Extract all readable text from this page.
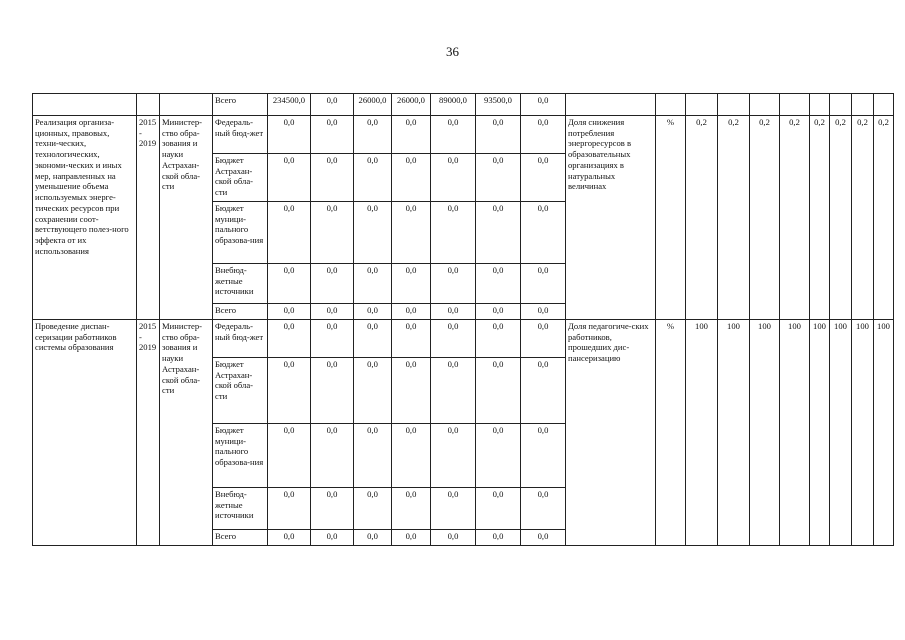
36
			Всего	234500,0	0,0	26000,0	26000,0	89000,0	93500,0	0,0										
Реализация организа-ционных, правовых, техни-ческих, технологических, экономи-ческих и иных мер, направленных на уменьшение объема используемых энерге-тических ресурсов при сохранении соот-ветствующего полез-ного эффекта от их использования	2015 - 2019	Министер-ство обра-зования и науки Астрахан-ской обла-сти	Федераль-ный бюд-жет	0,0	0,0	0,0	0,0	0,0	0,0	0,0	Доля снижения потребления энергоресурсов в образовательных организациях в натуральных величинах	%	0,2	0,2	0,2	0,2	0,2	0,2	0,2	0,2
			Бюджет Астрахан-ской обла-сти	0,0	0,0	0,0	0,0	0,0	0,0	0,0										
			Бюджет муници-пального образова-ния	0,0	0,0	0,0	0,0	0,0	0,0	0,0										
			Внебюд-жетные источники	0,0	0,0	0,0	0,0	0,0	0,0	0,0										
			Всего	0,0	0,0	0,0	0,0	0,0	0,0	0,0										
Проведение диспан-серизации работников системы образования	2015 - 2019	Министер-ство обра-зования и науки Астрахан-ской обла-сти	Федераль-ный бюд-жет	0,0	0,0	0,0	0,0	0,0	0,0	0,0	Доля педагогиче-ских работников, прошедших дис-пансеризацию	%	100	100	100	100	100	100	100	100
			Бюджет Астрахан-ской обла-сти	0,0	0,0	0,0	0,0	0,0	0,0	0,0										
			Бюджет муници-пального образова-ния	0,0	0,0	0,0	0,0	0,0	0,0	0,0										
			Внебюд-жетные источники	0,0	0,0	0,0	0,0	0,0	0,0	0,0										
			Всего	0,0	0,0	0,0	0,0	0,0	0,0	0,0										
